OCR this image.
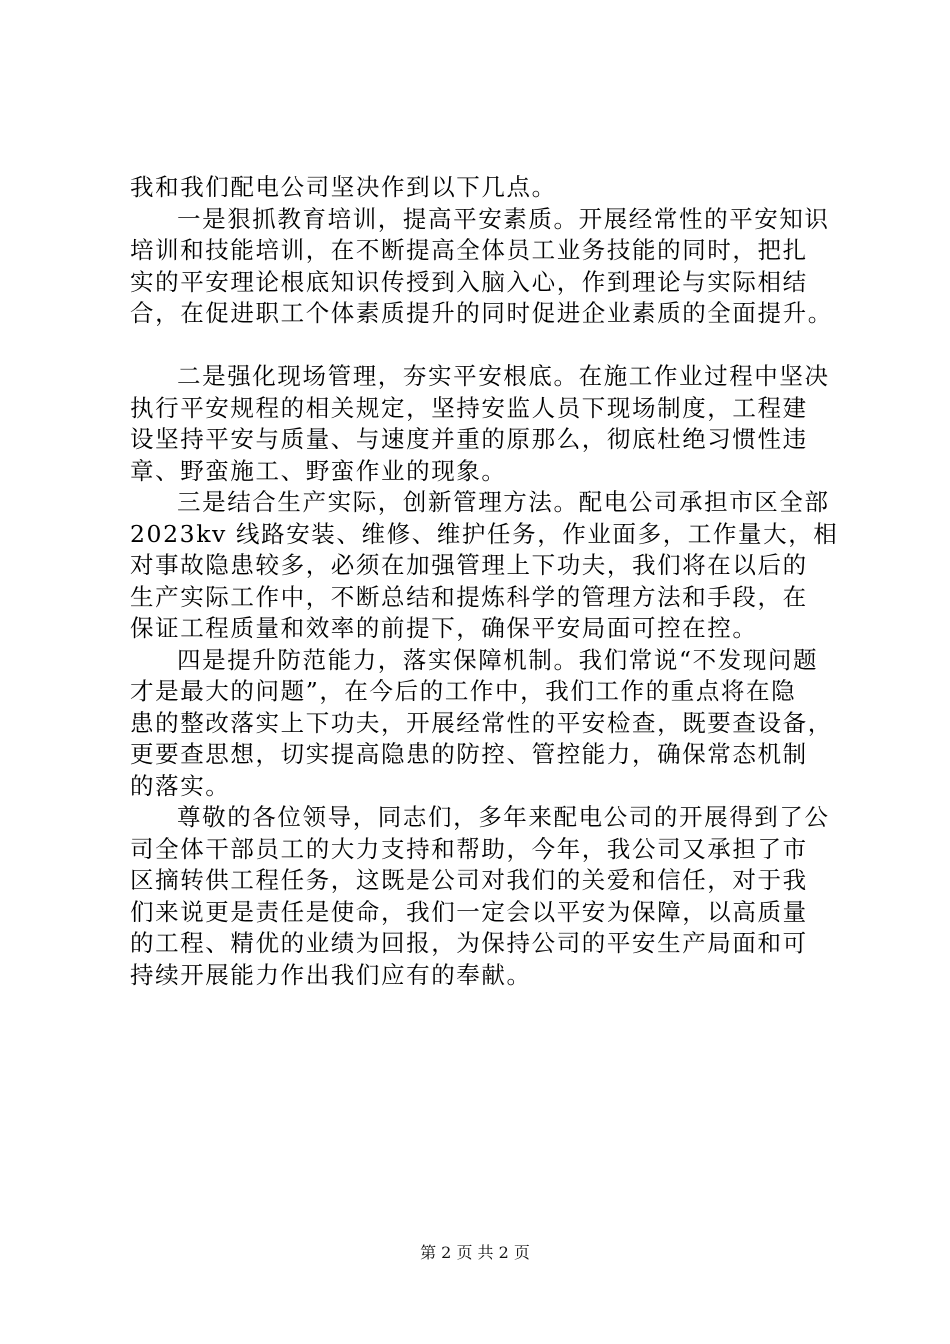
我和我们配电公司坚决作到以下几点。
一是狠抓教育培训，提高平安素质。开展经常性的平安知识
培训和技能培训，在不断提高全体员工业务技能的同时，把扎
实的平安理论根底知识传授到入脑入心，作到理论与实际相结
合，在促进职工个体素质提升的同时促进企业素质的全面提升。
二是强化现场管理，夯实平安根底。在施工作业过程中坚决
执行平安规程的相关规定，坚持安监人员下现场制度，工程建
设坚持平安与质量、与速度并重的原那么，彻底杜绝习惯性违
章、野蛮施工、野蛮作业的现象。
三是结合生产实际，创新管理方法。配电公司承担市区全部
2023kv 线路安装、维修、维护任务，作业面多，工作量大，相
对事故隐患较多，必须在加强管理上下功夫，我们将在以后的
生产实际工作中，不断总结和提炼科学的管理方法和手段，在
保证工程质量和效率的前提下，确保平安局面可控在控。
四是提升防范能力，落实保障机制。我们常说“不发现问题
才是最大的问题”，在今后的工作中，我们工作的重点将在隐
患的整改落实上下功夫，开展经常性的平安检查，既要查设备，
更要查思想，切实提高隐患的防控、管控能力，确保常态机制
的落实。
尊敬的各位领导，同志们，多年来配电公司的开展得到了公
司全体干部员工的大力支持和帮助，今年，我公司又承担了市
区摘转供工程任务，这既是公司对我们的关爱和信任，对于我
们来说更是责任是使命，我们一定会以平安为保障，以高质量
的工程、精优的业绩为回报，为保持公司的平安生产局面和可
持续开展能力作出我们应有的奉献。
第 2 页 共 2 页
